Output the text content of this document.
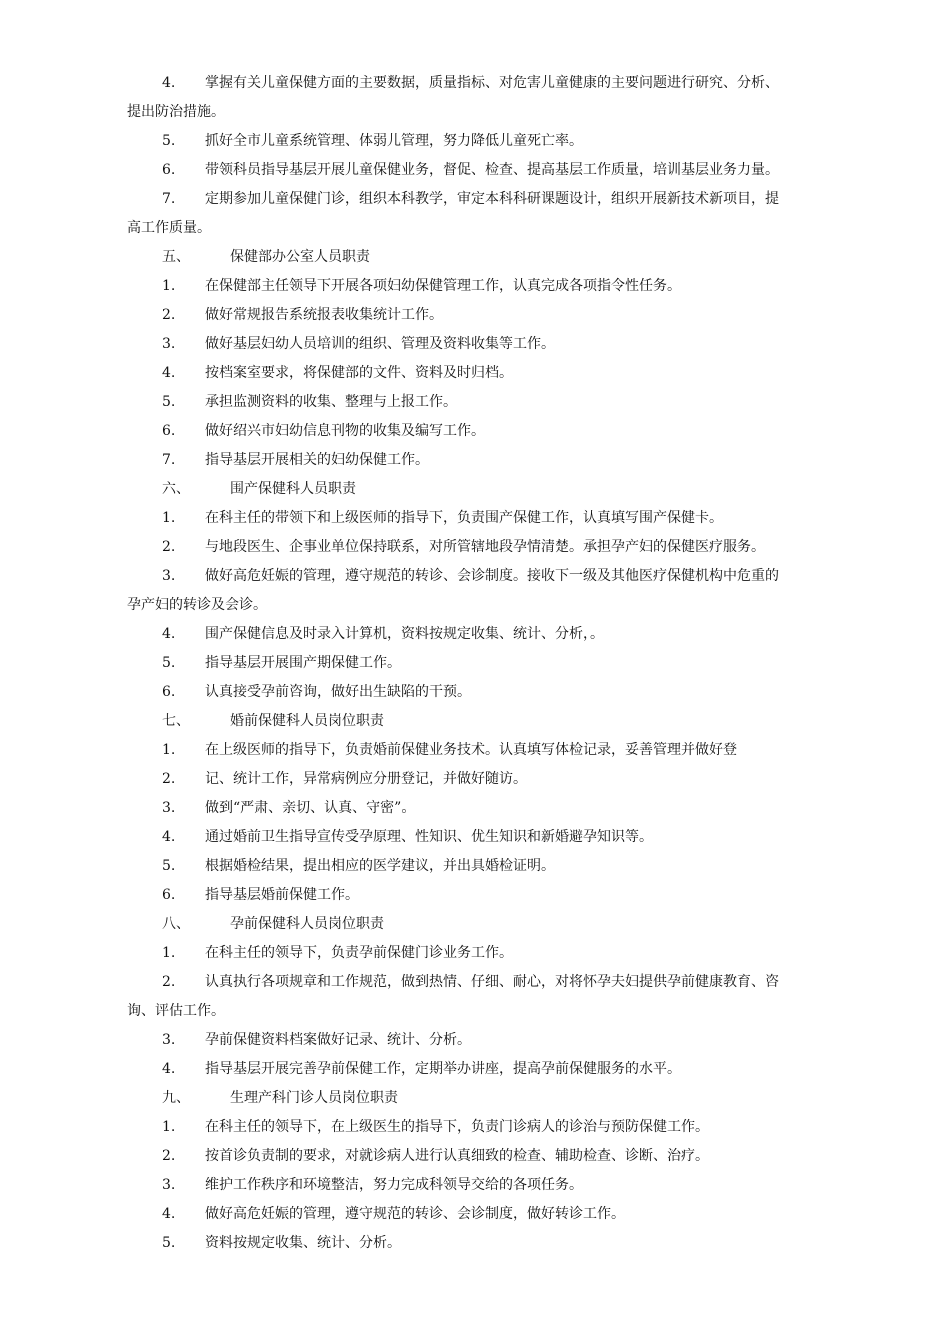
4. 掌握有关儿童保健方面的主要数据，质量指标、对危害儿童健康的主要问题进行研究、分析、
提出防治措施。
5. 抓好全市儿童系统管理、体弱儿管理，努力降低儿童死亡率。
6. 带领科员指导基层开展儿童保健业务，督促、检查、提高基层工作质量，培训基层业务力量。
7. 定期参加儿童保健门诊，组织本科教学，审定本科科研课题设计，组织开展新技术新项目，提
高工作质量。
五、	保健部办公室人员职责
1. 在保健部主任领导下开展各项妇幼保健管理工作，认真完成各项指令性任务。
2. 做好常规报告系统报表收集统计工作。
3. 做好基层妇幼人员培训的组织、管理及资料收集等工作。
4. 按档案室要求，将保健部的文件、资料及时归档。
5. 承担监测资料的收集、整理与上报工作。
6. 做好绍兴市妇幼信息刊物的收集及编写工作。
7. 指导基层开展相关的妇幼保健工作。
六、	围产保健科人员职责
1. 在科主任的带领下和上级医师的指导下，负责围产保健工作，认真填写围产保健卡。
2. 与地段医生、企事业单位保持联系，对所管辖地段孕情清楚。承担孕产妇的保健医疗服务。
3. 做好高危妊娠的管理，遵守规范的转诊、会诊制度。接收下一级及其他医疗保健机构中危重的
孕产妇的转诊及会诊。
4. 围产保健信息及时录入计算机，资料按规定收集、统计、分析，。
5. 指导基层开展围产期保健工作。
6. 认真接受孕前咨询，做好出生缺陷的干预。
七、	婚前保健科人员岗位职责
1. 在上级医师的指导下，负责婚前保健业务技术。认真填写体检记录，妥善管理并做好登
2. 记、统计工作，异常病例应分册登记，并做好随访。
3. 做到“严肃、亲切、认真、守密”。
4. 通过婚前卫生指导宣传受孕原理、性知识、优生知识和新婚避孕知识等。
5. 根据婚检结果，提出相应的医学建议，并出具婚检证明。
6. 指导基层婚前保健工作。
八、	孕前保健科人员岗位职责
1. 在科主任的领导下，负责孕前保健门诊业务工作。
2. 认真执行各项规章和工作规范，做到热情、仔细、耐心，对将怀孕夫妇提供孕前健康教育、咨
询、评估工作。
3. 孕前保健资料档案做好记录、统计、分析。
4. 指导基层开展完善孕前保健工作，定期举办讲座，提高孕前保健服务的水平。
九、	生理产科门诊人员岗位职责
1. 在科主任的领导下，在上级医生的指导下，负责门诊病人的诊治与预防保健工作。
2. 按首诊负责制的要求，对就诊病人进行认真细致的检查、辅助检查、诊断、治疗。
3. 维护工作秩序和环境整洁，努力完成科领导交给的各项任务。
4. 做好高危妊娠的管理，遵守规范的转诊、会诊制度，做好转诊工作。
5. 资料按规定收集、统计、分析。
